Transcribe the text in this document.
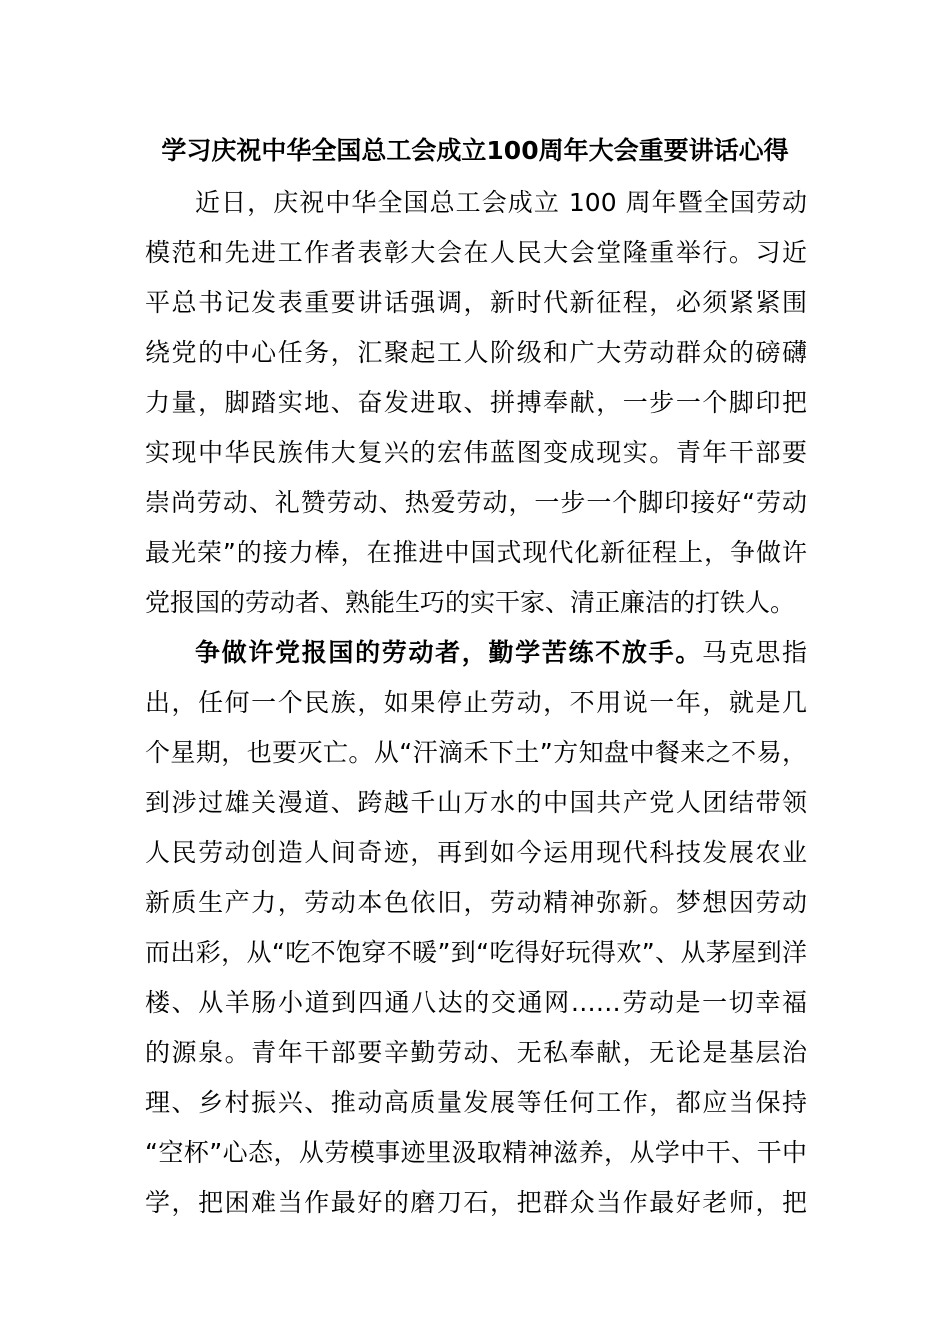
学习庆祝中华全国总工会成立100周年大会重要讲话心得
近日，庆祝中华全国总工会成立 100 周年暨全国劳动
模范和先进工作者表彰大会在人民大会堂隆重举行。习近
平总书记发表重要讲话强调，新时代新征程，必须紧紧围
绕党的中心任务，汇聚起工人阶级和广大劳动群众的磅礴
力量，脚踏实地、奋发进取、拼搏奉献，一步一个脚印把
实现中华民族伟大复兴的宏伟蓝图变成现实。青年干部要
崇尚劳动、礼赞劳动、热爱劳动，一步一个脚印接好“劳动
最光荣”的接力棒，在推进中国式现代化新征程上，争做许
党报国的劳动者、熟能生巧的实干家、清正廉洁的打铁人。
争做许党报国的劳动者，勤学苦练不放手。马克思指
出，任何一个民族，如果停止劳动，不用说一年，就是几
个星期，也要灭亡。从“汗滴禾下土”方知盘中餐来之不易，
到涉过雄关漫道、跨越千山万水的中国共产党人团结带领
人民劳动创造人间奇迹，再到如今运用现代科技发展农业
新质生产力，劳动本色依旧，劳动精神弥新。梦想因劳动
而出彩，从“吃不饱穿不暖”到“吃得好玩得欢”、从茅屋到洋
楼、从羊肠小道到四通八达的交通网……劳动是一切幸福
的源泉。青年干部要辛勤劳动、无私奉献，无论是基层治
理、乡村振兴、推动高质量发展等任何工作，都应当保持
“空杯”心态，从劳模事迹里汲取精神滋养，从学中干、干中
学，把困难当作最好的磨刀石，把群众当作最好老师，把
